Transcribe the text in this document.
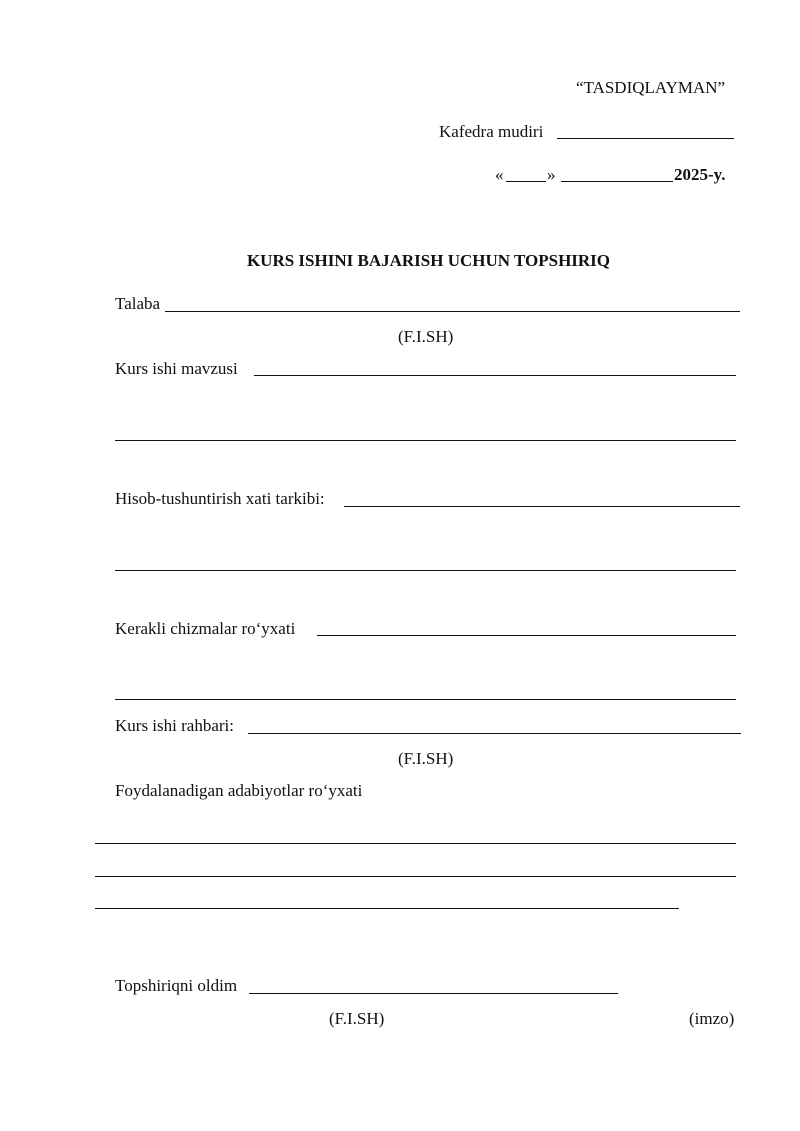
“TASDIQLAYMAN”
Kafedra mudiri
«	»	2025-y.
KURS ISHINI BAJARISH UCHUN TOPSHIRIQ
Talaba
(F.I.SH)
Kurs ishi mavzusi
Hisob-tushuntirish xati tarkibi:
Kerakli chizmalar ro‘yxati
Kurs ishi rahbari:
(F.I.SH)
Foydalanadigan adabiyotlar ro‘yxati
Topshiriqni oldim
(F.I.SH)	(imzo)
